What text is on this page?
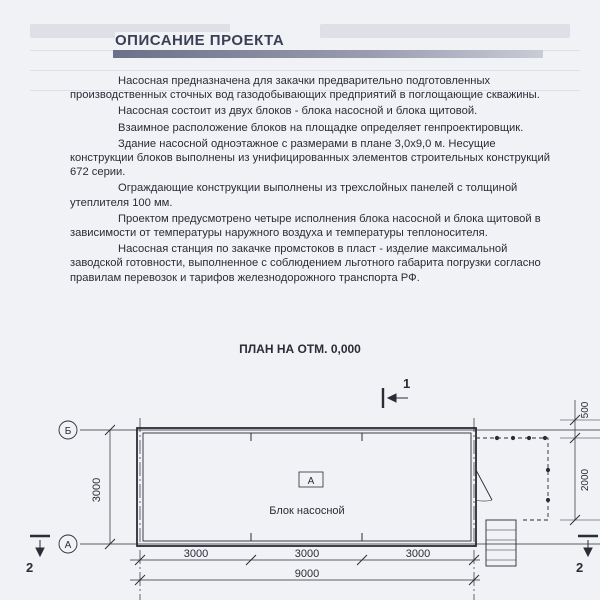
ОПИСАНИЕ ПРОЕКТА

Насосная предназначена для закачки предварительно подготовленных производственных сточных вод газодобывающих предприятий в поглощающие скважины.

Насосная состоит из двух блоков - блока насосной и блока щитовой.

Взаимное расположение блоков на площадке определяет генпроектировщик.

Здание насосной одноэтажное с размерами в плане 3,0х9,0 м. Несущие конструкции блоков выполнены из унифицированных элементов строительных конструкций 672 серии.

Ограждающие конструкции выполнены из трехслойных панелей с толщиной утеплителя 100 мм.

Проектом предусмотрено четыре исполнения блока насосной и блока щитовой в зависимости от температуры наружного воздуха и температуры теплоносителя.

Насосная станция по закачке промстоков в пласт - изделие максимальной заводской готовности, выполненное с соблюдением льготного габарита погрузки согласно правилам перевозок и тарифов железнодорожного транспорта РФ.

ПЛАН НА ОТМ. 0,000
Б
А
А
Блок насосной
1
2	2
3000
3000	3000	3000
9000
500
2000
